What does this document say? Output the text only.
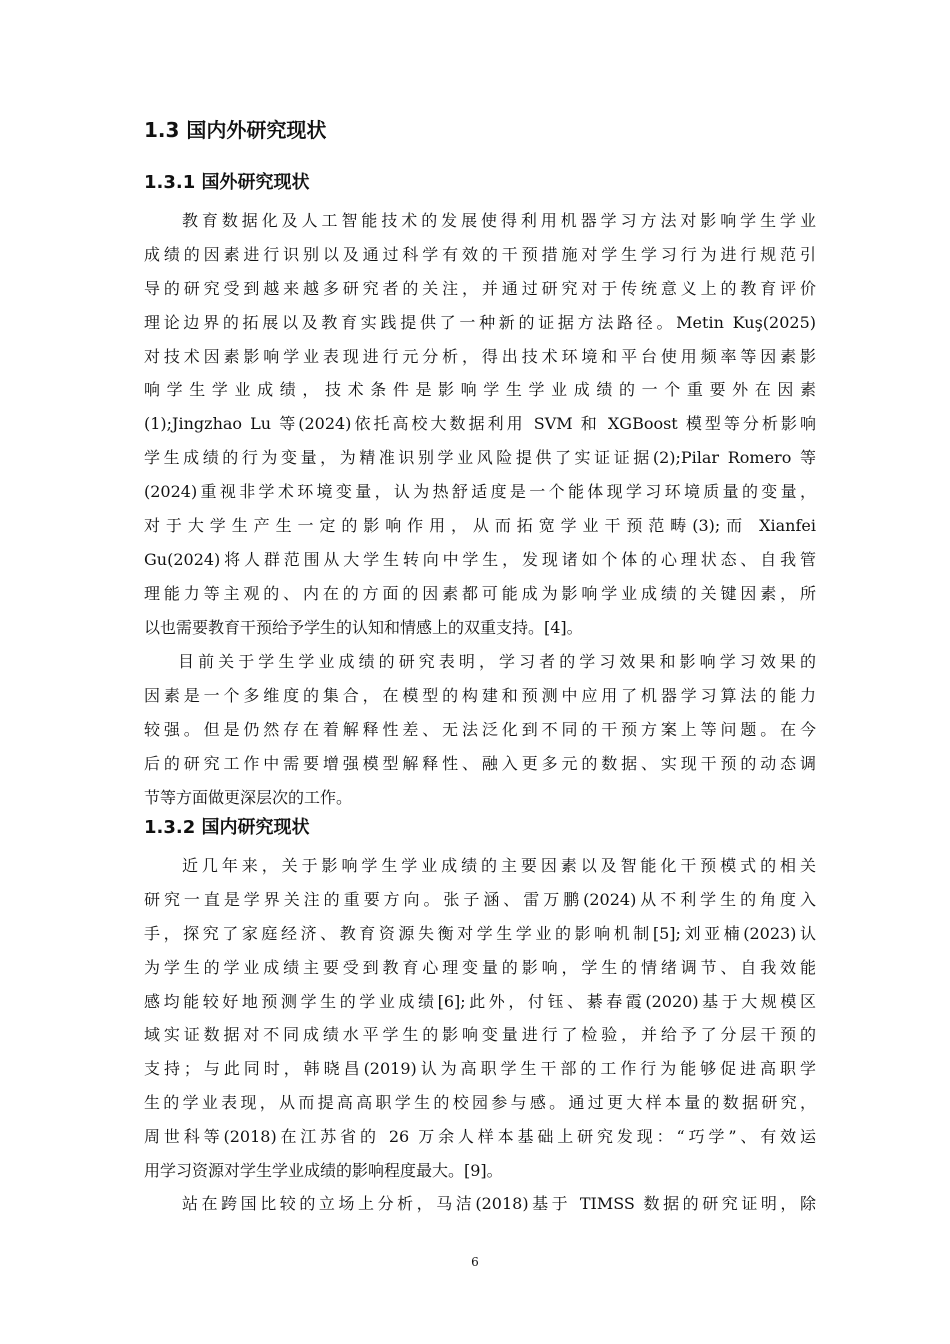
1.3 国内外研究现状
1.3.1 国外研究现状
教育数据化及人工智能技术的发展使得利用机器学习方法对影响学生学业
成绩的因素进行识别以及通过科学有效的干预措施对学生学习行为进行规范引
导的研究受到越来越多研究者的关注，并通过研究对于传统意义上的教育评价
理论边界的拓展以及教育实践提供了一种新的证据方法路径。Metin Kuş(2025)
对技术因素影响学业表现进行元分析，得出技术环境和平台使用频率等因素影
响学生学业成绩，技术条件是影响学生学业成绩的一个重要外在因素
(1);Jingzhao Lu 等(2024)依托高校大数据利用 SVM 和 XGBoost 模型等分析影响
学生成绩的行为变量，为精准识别学业风险提供了实证证据(2);Pilar Romero 等
(2024)重视非学术环境变量，认为热舒适度是一个能体现学习环境质量的变量，
对于大学生产生一定的影响作用，从而拓宽学业干预范畴(3);而 Xianfei
Gu(2024)将人群范围从大学生转向中学生，发现诸如个体的心理状态、自我管
理能力等主观的、内在的方面的因素都可能成为影响学业成绩的关键因素，所
以也需要教育干预给予学生的认知和情感上的双重支持。[4]。
目前关于学生学业成绩的研究表明，学习者的学习效果和影响学习效果的
因素是一个多维度的集合，在模型的构建和预测中应用了机器学习算法的能力
较强。但是仍然存在着解释性差、无法泛化到不同的干预方案上等问题。在今
后的研究工作中需要增强模型解释性、融入更多元的数据、实现干预的动态调
节等方面做更深层次的工作。
1.3.2 国内研究现状
近几年来，关于影响学生学业成绩的主要因素以及智能化干预模式的相关
研究一直是学界关注的重要方向。张子涵、雷万鹏(2024)从不利学生的角度入
手，探究了家庭经济、教育资源失衡对学生学业的影响机制[5];刘亚楠(2023)认
为学生的学业成绩主要受到教育心理变量的影响，学生的情绪调节、自我效能
感均能较好地预测学生的学业成绩[6];此外，付钰、綦春霞(2020)基于大规模区
域实证数据对不同成绩水平学生的影响变量进行了检验，并给予了分层干预的
支持；与此同时，韩晓昌(2019)认为高职学生干部的工作行为能够促进高职学
生的学业表现，从而提高高职学生的校园参与感。通过更大样本量的数据研究，
周世科等(2018)在江苏省的 26 万余人样本基础上研究发现：“巧学”、有效运
用学习资源对学生学业成绩的影响程度最大。[9]。
站在跨国比较的立场上分析，马洁(2018)基于 TIMSS 数据的研究证明，除
6
